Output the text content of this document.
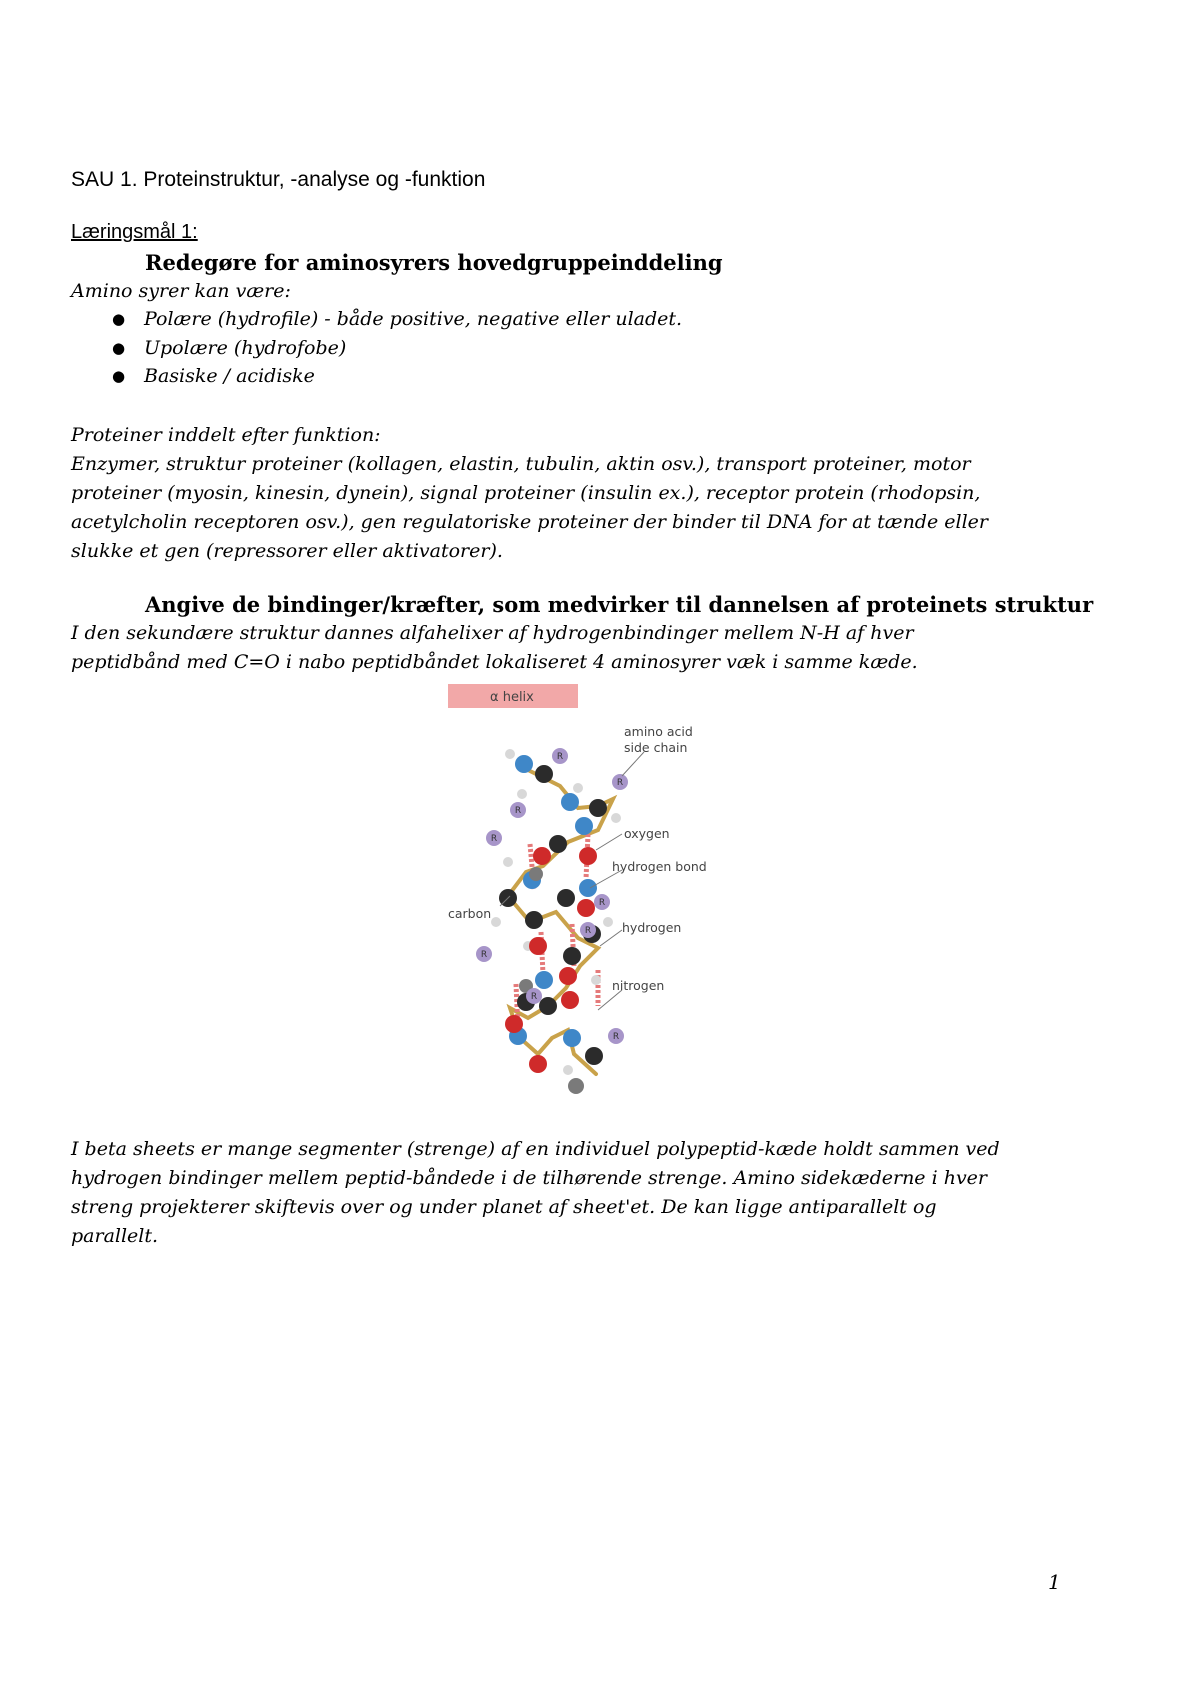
SAU 1. Proteinstruktur, -analyse og -funktion
Læringsmål 1:
Redegøre for aminosyrers hovedgruppeinddeling
Amino syrer kan være:
● Polære (hydrofile) - både positive, negative eller uladet.
● Upolære (hydrofobe)
● Basiske / acidiske
Proteiner inddelt efter funktion:
Enzymer, struktur proteiner (kollagen, elastin, tubulin, aktin osv.), transport proteiner, motor
proteiner (myosin, kinesin, dynein), signal proteiner (insulin ex.), receptor protein (rhodopsin,
acetylcholin receptoren osv.), gen regulatoriske proteiner der binder til DNA for at tænde eller
slukke et gen (repressorer eller aktivatorer).
Angive de bindinger/kræfter, som medvirker til dannelsen af proteinets struktur
I den sekundære struktur dannes alfahelixer af hydrogenbindinger mellem N-H af hver
peptidbånd med C=O i nabo peptidbåndet lokaliseret 4 aminosyrer væk i samme kæde.
α helix
R
R
R
R
R
R
R
R
R
amino acid
side chain
oxygen
hydrogen bond
carbon
hydrogen
nitrogen
I beta sheets er mange segmenter (strenge) af en individuel polypeptid-kæde holdt sammen ved
hydrogen bindinger mellem peptid-båndede i de tilhørende strenge. Amino sidekæderne i hver
streng projekterer skiftevis over og under planet af sheet'et. De kan ligge antiparallelt og
parallelt.
1
